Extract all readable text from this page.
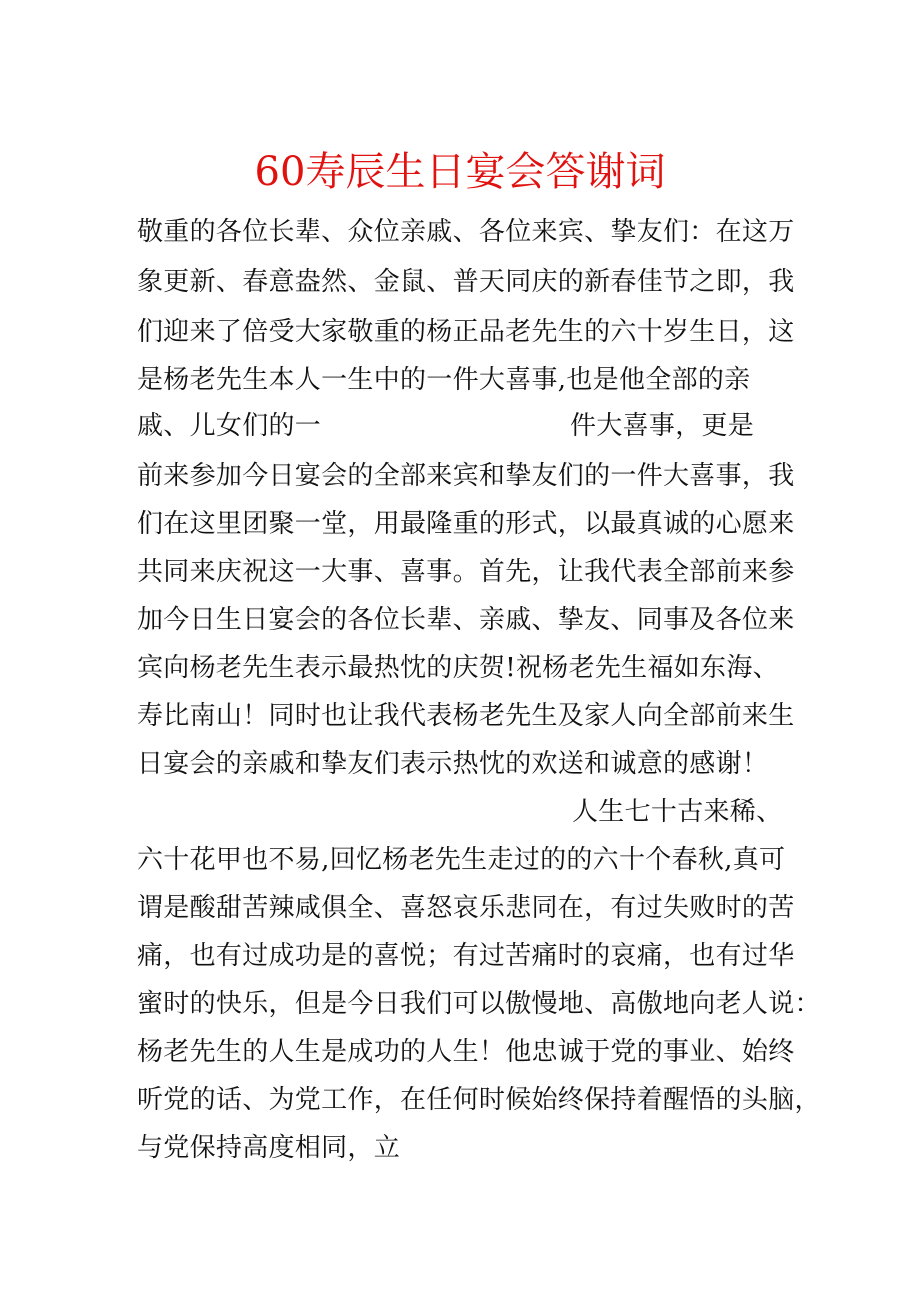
60寿辰生日宴会答谢词
敬重的各位长辈、众位亲戚、各位来宾、挚友们：在这万
象更新、春意盎然、金鼠、普天同庆的新春佳节之即，我
们迎来了倍受大家敬重的杨正品老先生的六十岁生日，这
是杨老先生本人一生中的一件大喜事,也是他全部的亲
戚、儿女们的一	件大喜事，更是
前来参加今日宴会的全部来宾和挚友们的一件大喜事，我
们在这里团聚一堂，用最隆重的形式，以最真诚的心愿来
共同来庆祝这一大事、喜事。首先，让我代表全部前来参
加今日生日宴会的各位长辈、亲戚、挚友、同事及各位来
宾向杨老先生表示最热忱的庆贺!祝杨老先生福如东海、
寿比南山！同时也让我代表杨老先生及家人向全部前来生
日宴会的亲戚和挚友们表示热忱的欢送和诚意的感谢！
人生七十古来稀、
六十花甲也不易,回忆杨老先生走过的的六十个春秋,真可
谓是酸甜苦辣咸俱全、喜怒哀乐悲同在，有过失败时的苦
痛，也有过成功是的喜悦；有过苦痛时的哀痛，也有过华
蜜时的快乐，但是今日我们可以傲慢地、高傲地向老人说：
杨老先生的人生是成功的人生！他忠诚于党的事业、始终
听党的话、为党工作，在任何时候始终保持着醒悟的头脑，
与党保持高度相同，立
